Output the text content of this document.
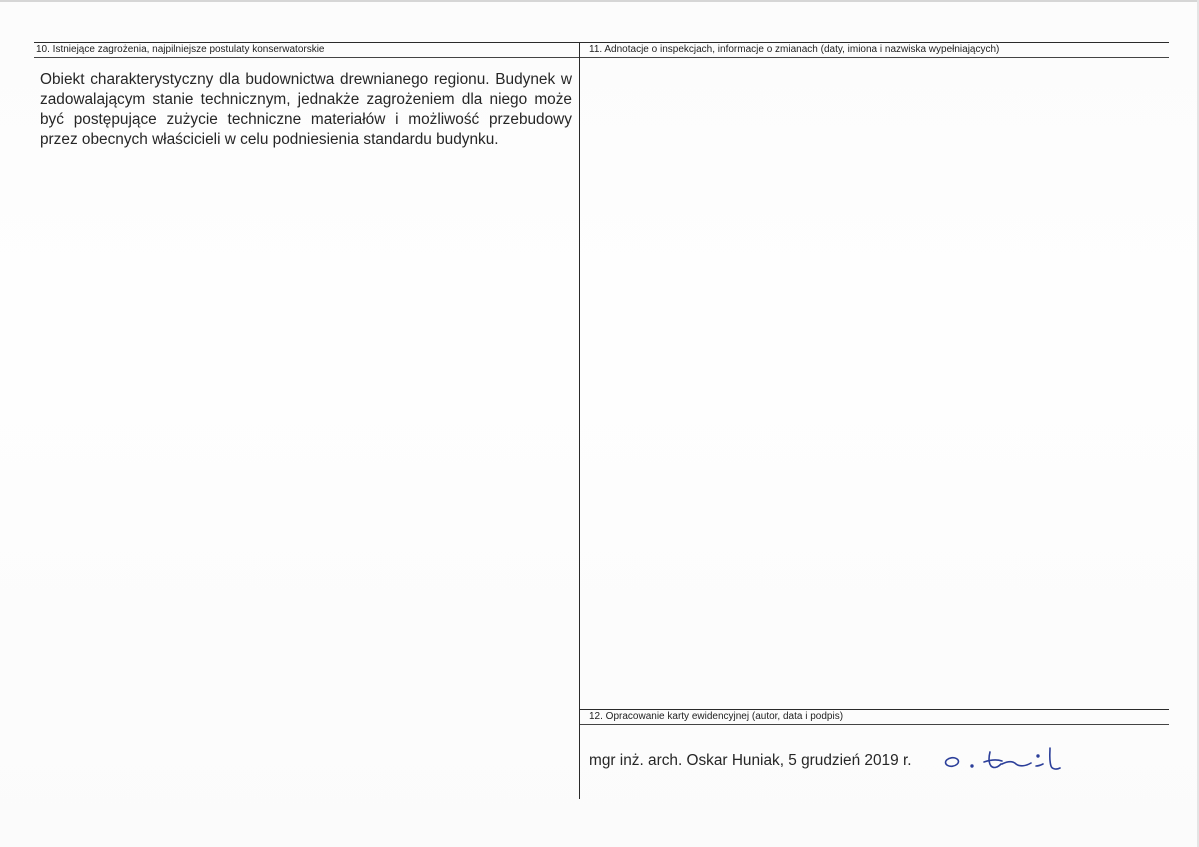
10. Istniejące zagrożenia, najpilniejsze postulaty konserwatorskie
Obiekt charakterystyczny dla budownictwa drewnianego regionu. Budynek w zadowalającym stanie technicznym, jednakże zagrożeniem dla niego może być postępujące zużycie techniczne materiałów i możliwość przebudowy przez obecnych właścicieli w celu podniesienia standardu budynku.
11. Adnotacje o inspekcjach, informacje o zmianach (daty, imiona i nazwiska wypełniających)
12. Opracowanie karty ewidencyjnej (autor, data i podpis)
mgr inż. arch. Oskar Huniak, 5 grudzień 2019 r.
